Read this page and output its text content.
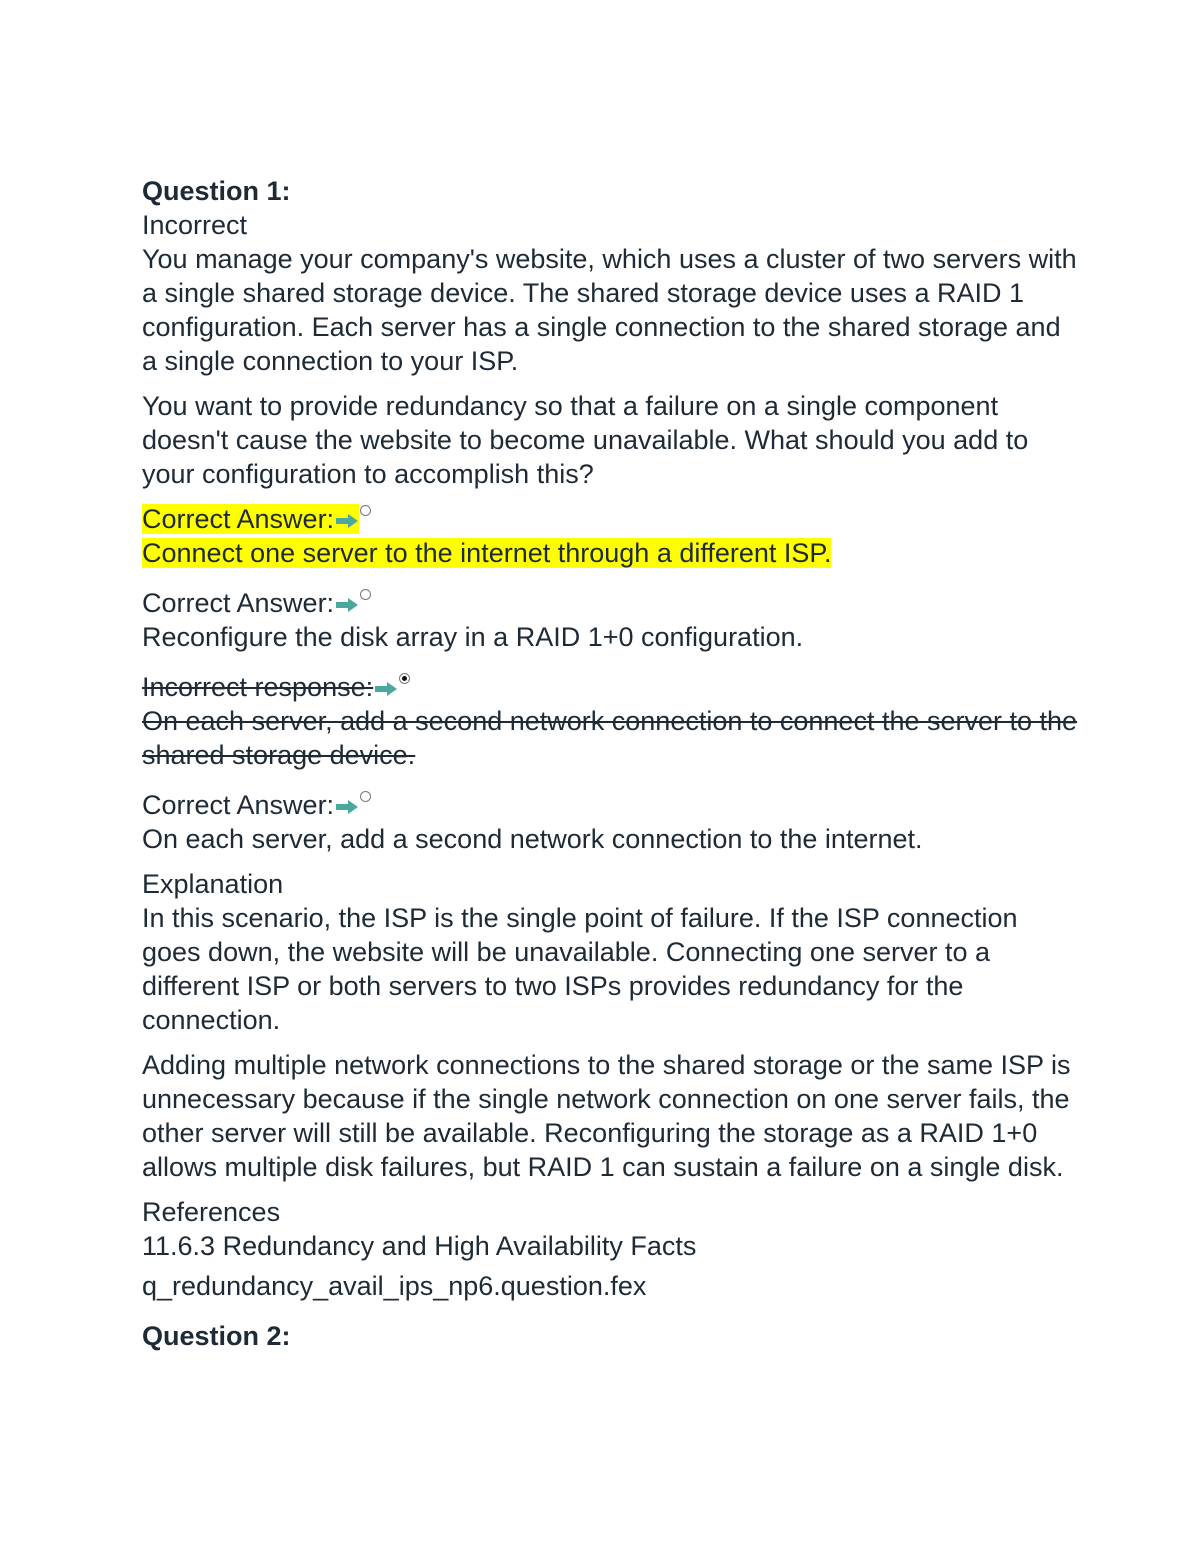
Question 1:
Incorrect
You manage your company's website, which uses a cluster of two servers with a single shared storage device. The shared storage device uses a RAID 1 configuration. Each server has a single connection to the shared storage and a single connection to your ISP.
You want to provide redundancy so that a failure on a single component doesn't cause the website to become unavailable. What should you add to your configuration to accomplish this?
Correct Answer:
Connect one server to the internet through a different ISP.
Correct Answer:
Reconfigure the disk array in a RAID 1+0 configuration.
Incorrect response:
On each server, add a second network connection to connect the server to the shared storage device.
Correct Answer:
On each server, add a second network connection to the internet.
Explanation
In this scenario, the ISP is the single point of failure. If the ISP connection goes down, the website will be unavailable. Connecting one server to a different ISP or both servers to two ISPs provides redundancy for the connection.
Adding multiple network connections to the shared storage or the same ISP is unnecessary because if the single network connection on one server fails, the other server will still be available. Reconfiguring the storage as a RAID 1+0 allows multiple disk failures, but RAID 1 can sustain a failure on a single disk.
References
11.6.3 Redundancy and High Availability Facts
q_redundancy_avail_ips_np6.question.fex
Question 2:
